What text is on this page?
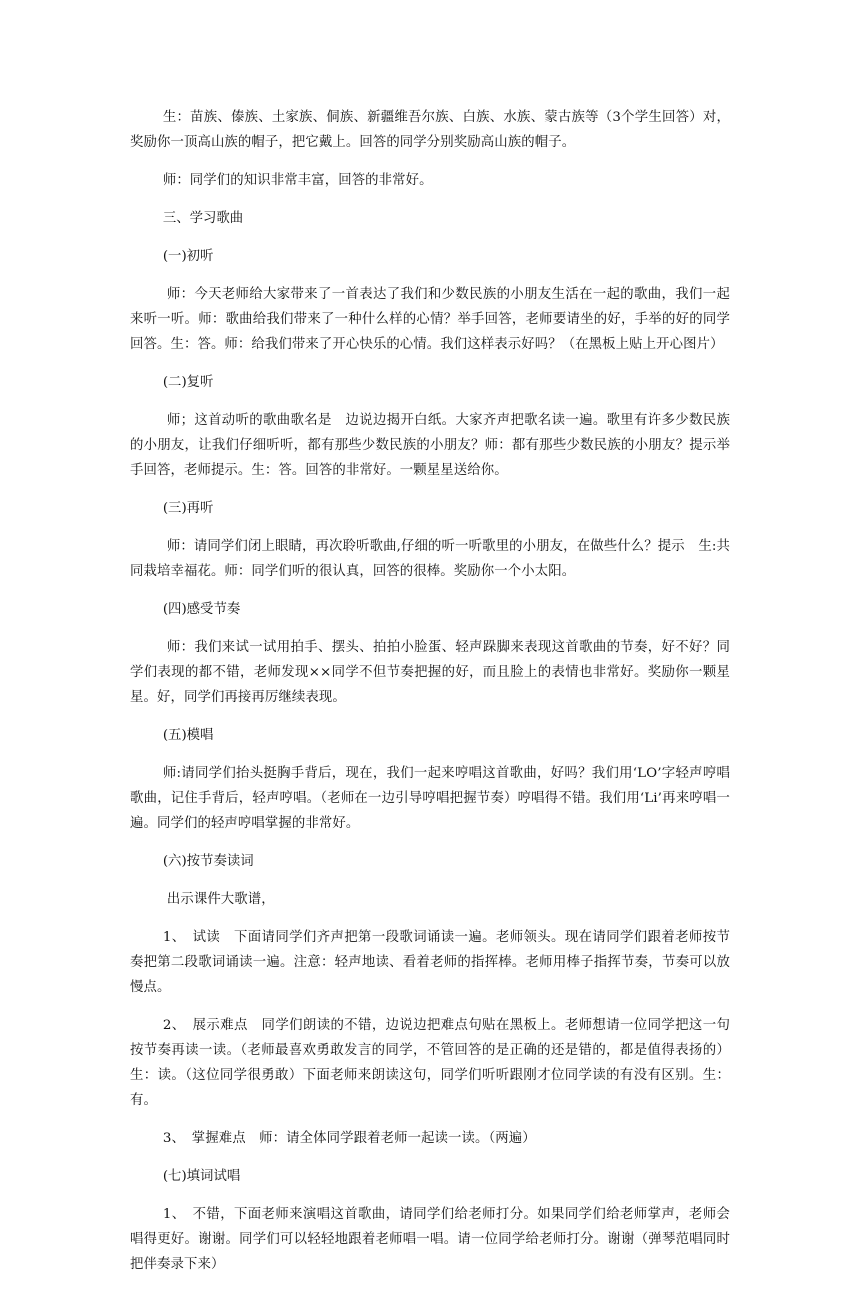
生：苗族、傣族、土家族、侗族、新疆维吾尔族、白族、水族、蒙古族等（3个学生回答）对，奖励你一顶高山族的帽子，把它戴上。回答的同学分别奖励高山族的帽子。

师：同学们的知识非常丰富，回答的非常好。

三、学习歌曲

(一)初听

师：今天老师给大家带来了一首表达了我们和少数民族的小朋友生活在一起的歌曲，我们一起来听一听。师：歌曲给我们带来了一种什么样的心情？举手回答，老师要请坐的好，手举的好的同学回答。生：答。师：给我们带来了开心快乐的心情。我们这样表示好吗？（在黑板上贴上开心图片）

(二)复听

师；这首动听的歌曲歌名是　边说边揭开白纸。大家齐声把歌名读一遍。歌里有许多少数民族的小朋友，让我们仔细听听，都有那些少数民族的小朋友？师：都有那些少数民族的小朋友？提示举手回答，老师提示。生：答。回答的非常好。一颗星星送给你。

(三)再听

师：请同学们闭上眼睛，再次聆听歌曲,仔细的听一听歌里的小朋友，在做些什么？提示　生:共同栽培幸福花。师：同学们听的很认真，回答的很棒。奖励你一个小太阳。

(四)感受节奏

师：我们来试一试用拍手、摆头、拍拍小脸蛋、轻声跺脚来表现这首歌曲的节奏，好不好？同学们表现的都不错，老师发现××同学不但节奏把握的好，而且脸上的表情也非常好。奖励你一颗星星。好，同学们再接再厉继续表现。

(五)模唱

师:请同学们抬头挺胸手背后，现在，我们一起来哼唱这首歌曲，好吗？我们用‘LO’字轻声哼唱歌曲，记住手背后，轻声哼唱。（老师在一边引导哼唱把握节奏）哼唱得不错。我们用‘Li’再来哼唱一遍。同学们的轻声哼唱掌握的非常好。

(六)按节奏读词

出示课件大歌谱，

1、　试读　下面请同学们齐声把第一段歌词诵读一遍。老师领头。现在请同学们跟着老师按节奏把第二段歌词诵读一遍。注意：轻声地读、看着老师的指挥棒。老师用棒子指挥节奏，节奏可以放慢点。

2、　展示难点　同学们朗读的不错，边说边把难点句贴在黑板上。老师想请一位同学把这一句按节奏再读一读。（老师最喜欢勇敢发言的同学，不管回答的是正确的还是错的，都是值得表扬的）生：读。（这位同学很勇敢）下面老师来朗读这句，同学们听听跟刚才位同学读的有没有区别。生：有。

3、　掌握难点　师：请全体同学跟着老师一起读一读。（两遍）

(七)填词试唱

1、　不错，下面老师来演唱这首歌曲，请同学们给老师打分。如果同学们给老师掌声，老师会唱得更好。谢谢。同学们可以轻轻地跟着老师唱一唱。请一位同学给老师打分。谢谢（弹琴范唱同时把伴奏录下来）
